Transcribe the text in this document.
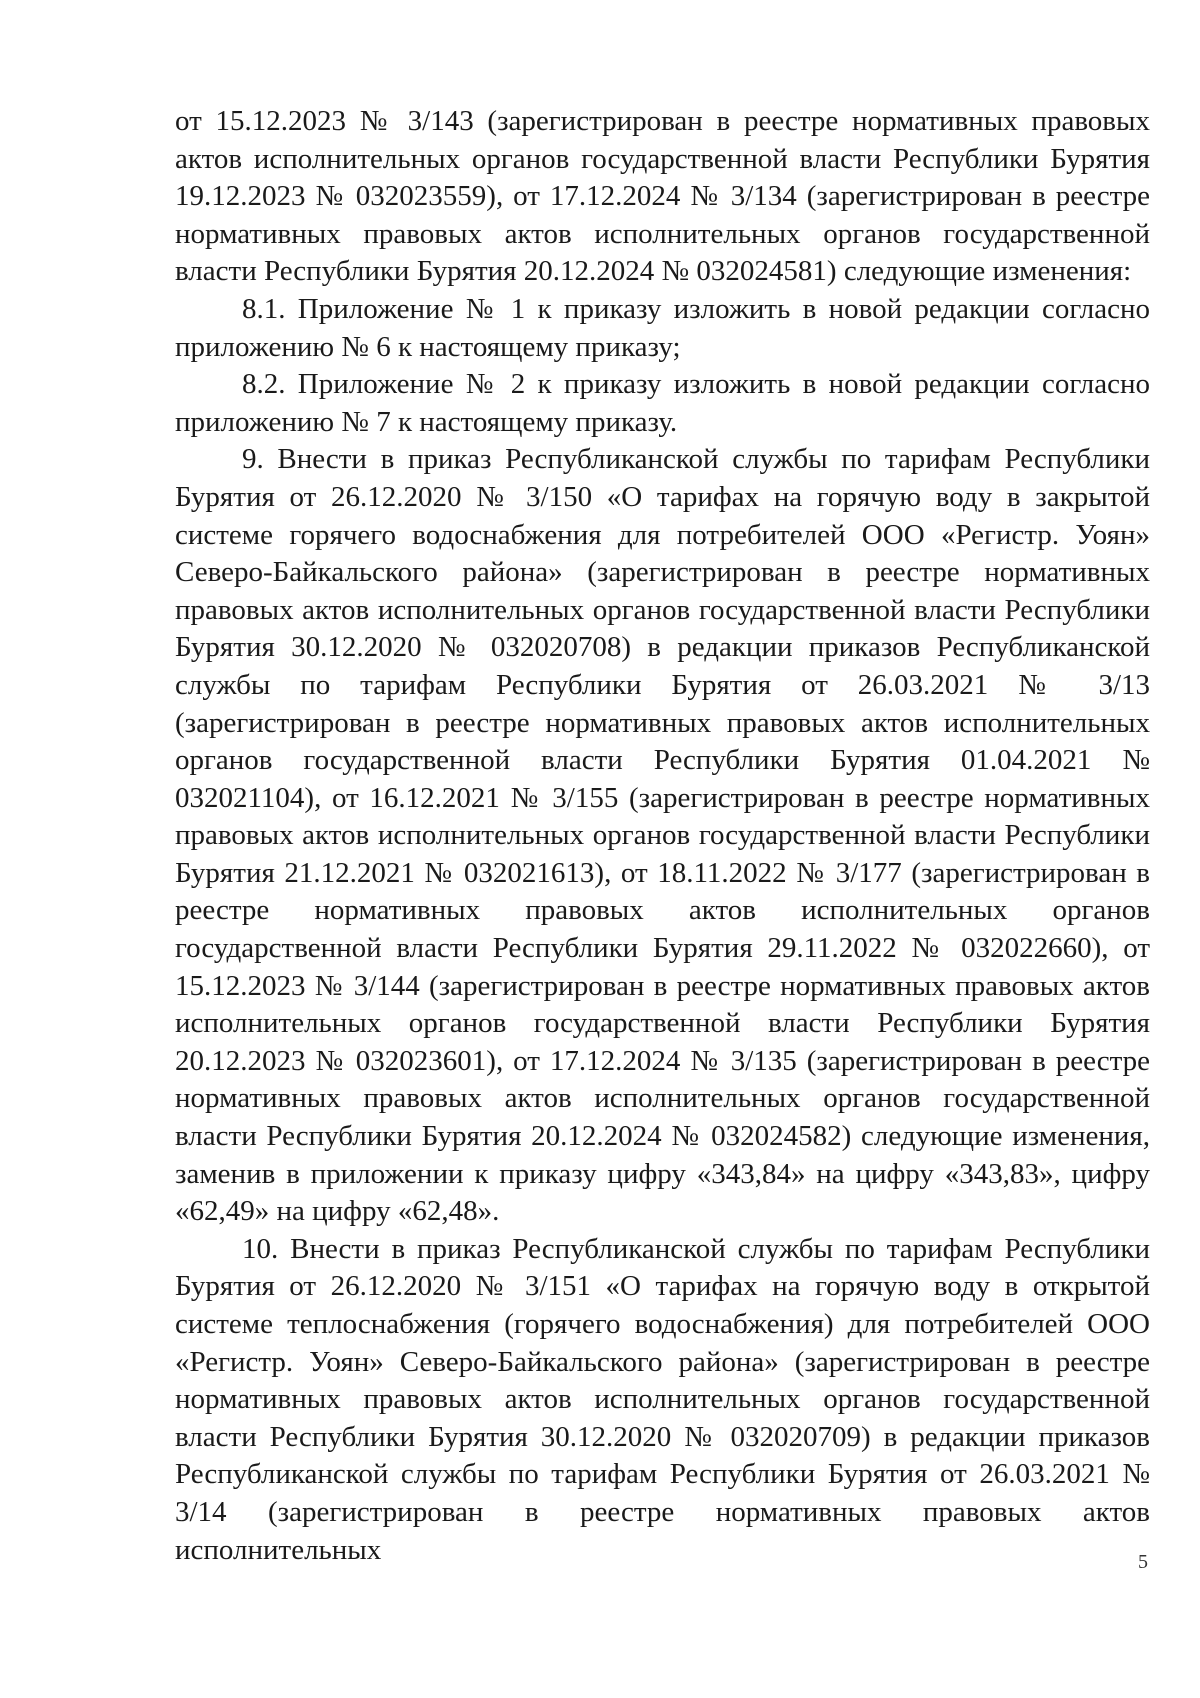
от 15.12.2023 № 3/143 (зарегистрирован в реестре нормативных правовых актов исполнительных органов государственной власти Республики Бурятия 19.12.2023 № 032023559), от 17.12.2024 № 3/134 (зарегистрирован в реестре нормативных правовых актов исполнительных органов государственной власти Республики Бурятия 20.12.2024 № 032024581) следующие изменения:

8.1. Приложение № 1 к приказу изложить в новой редакции согласно приложению № 6 к настоящему приказу;

8.2. Приложение № 2 к приказу изложить в новой редакции согласно приложению № 7 к настоящему приказу.

9. Внести в приказ Республиканской службы по тарифам Республики Бурятия от 26.12.2020 № 3/150 «О тарифах на горячую воду в закрытой системе горячего водоснабжения для потребителей ООО «Регистр. Уоян» Северо-Байкальского района» (зарегистрирован в реестре нормативных правовых актов исполнительных органов государственной власти Республики Бурятия 30.12.2020 № 032020708) в редакции приказов Республиканской службы по тарифам Республики Бурятия от 26.03.2021 № 3/13 (зарегистрирован в реестре нормативных правовых актов исполнительных органов государственной власти Республики Бурятия 01.04.2021 № 032021104), от 16.12.2021 № 3/155 (зарегистрирован в реестре нормативных правовых актов исполнительных органов государственной власти Республики Бурятия 21.12.2021 № 032021613), от 18.11.2022 № 3/177 (зарегистрирован в реестре нормативных правовых актов исполнительных органов государственной власти Республики Бурятия 29.11.2022 № 032022660), от 15.12.2023 № 3/144 (зарегистрирован в реестре нормативных правовых актов исполнительных органов государственной власти Республики Бурятия 20.12.2023 № 032023601), от 17.12.2024 № 3/135 (зарегистрирован в реестре нормативных правовых актов исполнительных органов государственной власти Республики Бурятия 20.12.2024 № 032024582) следующие изменения, заменив в приложении к приказу цифру «343,84» на цифру «343,83», цифру «62,49» на цифру «62,48».

10. Внести в приказ Республиканской службы по тарифам Республики Бурятия от 26.12.2020 № 3/151 «О тарифах на горячую воду в открытой системе теплоснабжения (горячего водоснабжения) для потребителей ООО «Регистр. Уоян» Северо-Байкальского района» (зарегистрирован в реестре нормативных правовых актов исполнительных органов государственной власти Республики Бурятия 30.12.2020 № 032020709) в редакции приказов Республиканской службы по тарифам Республики Бурятия от 26.03.2021 № 3/14 (зарегистрирован в реестре нормативных правовых актов исполнительных	5
